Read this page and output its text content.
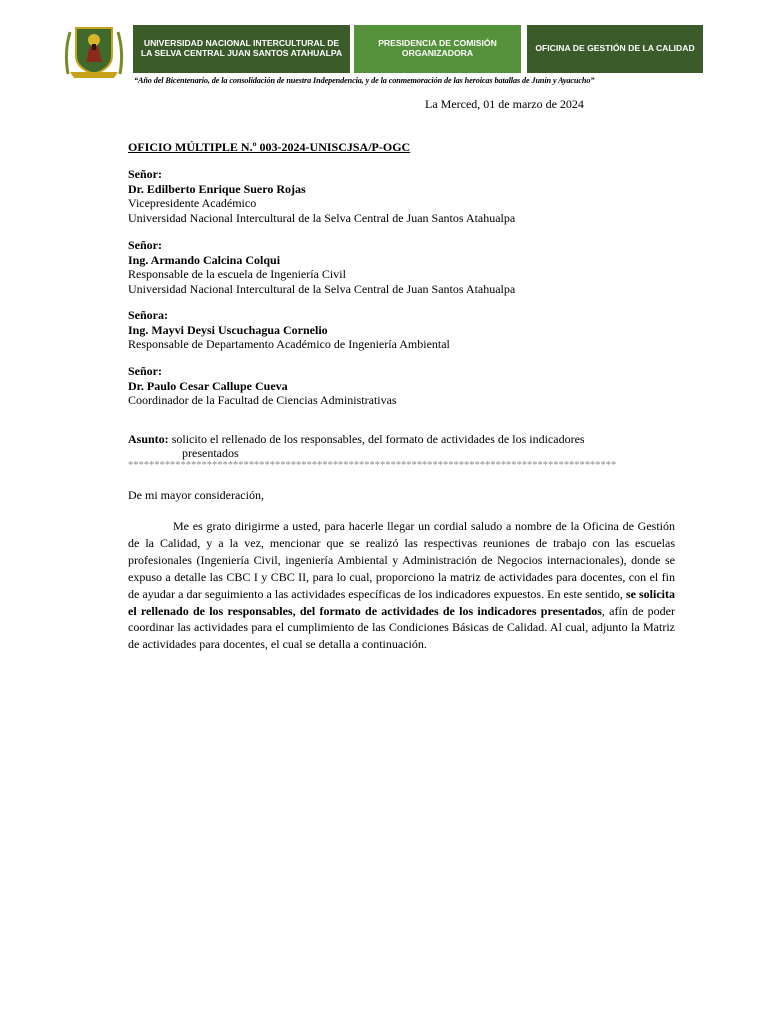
UNIVERSIDAD NACIONAL INTERCULTURAL DE LA SELVA CENTRAL JUAN SANTOS ATAHUALPA
PRESIDENCIA DE COMISIÓN ORGANIZADORA	OFICINA DE GESTIÓN DE LA CALIDAD
“Año del Bicentenario, de la consolidación de nuestra Independencia, y de la conmemoración de las heroicas batallas de Junín y Ayacucho”
La Merced, 01 de marzo de 2024
OFICIO MÚLTIPLE N.º 003-2024-UNISCJSA/P-OGC
Señor:
Dr. Edilberto Enrique Suero Rojas
Vicepresidente Académico
Universidad Nacional Intercultural de la Selva Central de Juan Santos Atahualpa
Señor:
Ing. Armando Calcina Colqui
Responsable de la escuela de Ingeniería Civil
Universidad Nacional Intercultural de la Selva Central de Juan Santos Atahualpa
Señora:
Ing. Mayvi Deysi Uscuchagua Cornelio
Responsable de Departamento Académico de Ingeniería Ambiental
Señor:
Dr. Paulo Cesar Callupe Cueva
Coordinador de la Facultad de Ciencias Administrativas
Asunto: solicito el rellenado de los responsables, del formato de actividades de los indicadores
presentados
*********************************************************************************************
De mi mayor consideración,
Me es grato dirigirme a usted, para hacerle llegar un cordial saludo a nombre de la Oficina de Gestión de la Calidad, y a la vez, mencionar que se realizó las respectivas reuniones de trabajo con las escuelas profesionales (Ingeniería Civil, ingeniería Ambiental y Administración de Negocios internacionales), donde se expuso a detalle las CBC I y CBC II, para lo cual, proporciono la matriz de actividades para docentes, con el fin de ayudar a dar seguimiento a las actividades específicas de los indicadores expuestos. En este sentido, se solicita el rellenado de los responsables, del formato de actividades de los indicadores presentados, afín de poder coordinar las actividades para el cumplimiento de las Condiciones Básicas de Calidad. Al cual, adjunto la Matriz de actividades para docentes, el cual se detalla a continuación.
